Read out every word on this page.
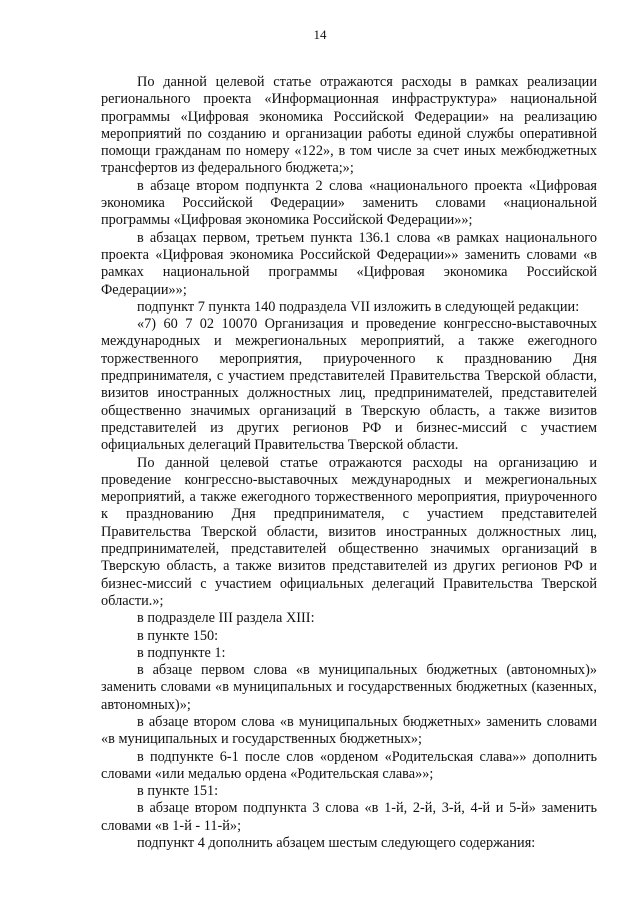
14

По данной целевой статье отражаются расходы в рамках реализации регионального проекта «Информационная инфраструктура» национальной программы «Цифровая экономика Российской Федерации» на реализацию мероприятий по созданию и организации работы единой службы оперативной помощи гражданам по номеру «122», в том числе за счет иных межбюджетных трансфертов из федерального бюджета;»;

в абзаце втором подпункта 2 слова «национального проекта «Цифровая экономика Российской Федерации» заменить словами «национальной программы «Цифровая экономика Российской Федерации»»;

в абзацах первом, третьем пункта 136.1 слова «в рамках национального проекта «Цифровая экономика Российской Федерации»» заменить словами «в рамках национальной программы «Цифровая экономика Российской Федерации»»;

подпункт 7 пункта 140 подраздела VII изложить в следующей редакции:

«7) 60 7 02 10070 Организация и проведение конгрессно-выставочных международных и межрегиональных мероприятий, а также ежегодного торжественного мероприятия, приуроченного к празднованию Дня предпринимателя, с участием представителей Правительства Тверской области, визитов иностранных должностных лиц, предпринимателей, представителей общественно значимых организаций в Тверскую область, а также визитов представителей из других регионов РФ и бизнес-миссий с участием официальных делегаций Правительства Тверской области.

По данной целевой статье отражаются расходы на организацию и проведение конгрессно-выставочных международных и межрегиональных мероприятий, а также ежегодного торжественного мероприятия, приуроченного к празднованию Дня предпринимателя, с участием представителей Правительства Тверской области, визитов иностранных должностных лиц, предпринимателей, представителей общественно значимых организаций в Тверскую область, а также визитов представителей из других регионов РФ и бизнес-миссий с участием официальных делегаций Правительства Тверской области.»;

в подразделе III раздела XIII:

в пункте 150:

в подпункте 1:

в абзаце первом слова «в муниципальных бюджетных (автономных)» заменить словами «в муниципальных и государственных бюджетных (казенных, автономных)»;

в абзаце втором слова «в муниципальных бюджетных» заменить словами «в муниципальных и государственных бюджетных»;

в подпункте 6-1 после слов «орденом «Родительская слава»» дополнить словами «или медалью ордена «Родительская слава»»;

в пункте 151:

в абзаце втором подпункта 3 слова «в 1-й, 2-й, 3-й, 4-й и 5-й» заменить словами «в 1-й - 11-й»;

подпункт 4 дополнить абзацем шестым следующего содержания:
